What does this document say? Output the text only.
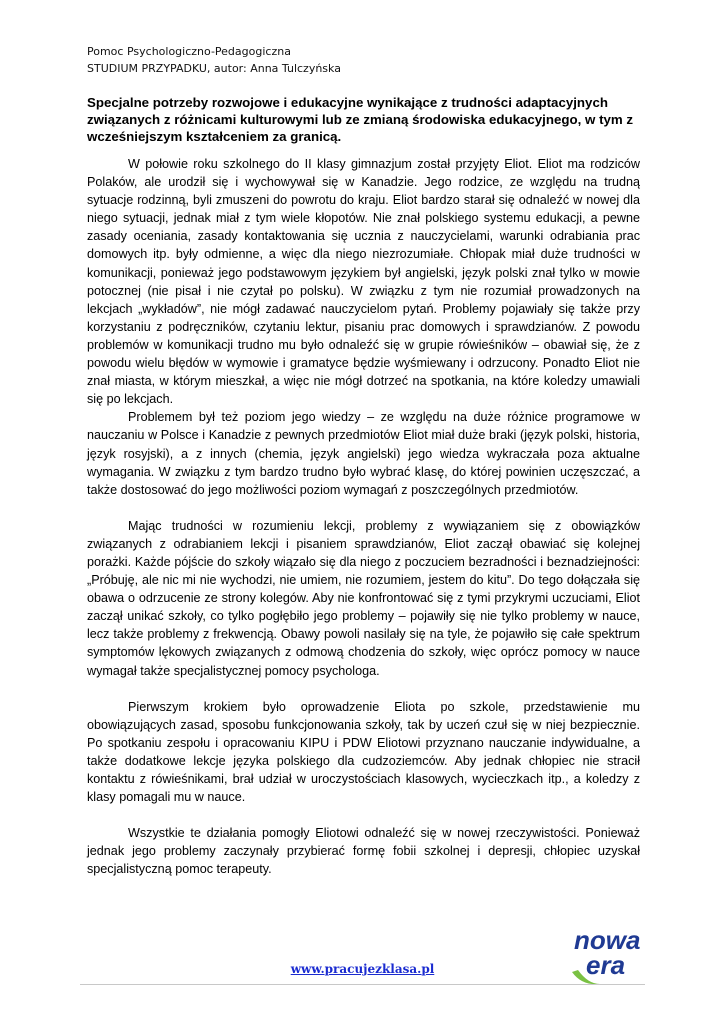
Pomoc Psychologiczno-Pedagogiczna
STUDIUM PRZYPADKU, autor: Anna Tulczyńska
Specjalne potrzeby rozwojowe i edukacyjne wynikające z trudności adaptacyjnych związanych z różnicami kulturowymi lub ze zmianą środowiska edukacyjnego, w tym z wcześniejszym kształceniem za granicą.

W połowie roku szkolnego do II klasy gimnazjum został przyjęty Eliot. Eliot ma rodziców Polaków, ale urodził się i wychowywał się w Kanadzie. Jego rodzice, ze względu na trudną sytuacje rodzinną, byli zmuszeni do powrotu do kraju. Eliot bardzo starał się odnaleźć w nowej dla niego sytuacji, jednak miał z tym wiele kłopotów. Nie znał polskiego systemu edukacji, a pewne zasady oceniania, zasady kontaktowania się ucznia z nauczycielami, warunki odrabiania prac domowych itp. były odmienne, a więc dla niego niezrozumiałe. Chłopak miał duże trudności w komunikacji, ponieważ jego podstawowym językiem był angielski, język polski znał tylko w mowie potocznej (nie pisał i nie czytał po polsku). W związku z tym nie rozumiał prowadzonych na lekcjach „wykładów”, nie mógł zadawać nauczycielom pytań. Problemy pojawiały się także przy korzystaniu z podręczników, czytaniu lektur, pisaniu prac domowych i sprawdzianów. Z powodu problemów w komunikacji trudno mu było odnaleźć się w grupie rówieśników – obawiał się, że z powodu wielu błędów w wymowie i gramatyce będzie wyśmiewany i odrzucony. Ponadto Eliot nie znał miasta, w którym mieszkał, a więc nie mógł dotrzeć na spotkania, na które koledzy umawiali się po lekcjach.

Problemem był też poziom jego wiedzy – ze względu na duże różnice programowe w nauczaniu w Polsce i Kanadzie z pewnych przedmiotów Eliot miał duże braki (język polski, historia, język rosyjski), a z innych (chemia, język angielski) jego wiedza wykraczała poza aktualne wymagania. W związku z tym bardzo trudno było wybrać klasę, do której powinien uczęszczać, a także dostosować do jego możliwości poziom wymagań z poszczególnych przedmiotów.

Mając trudności w rozumieniu lekcji, problemy z wywiązaniem się z obowiązków związanych z odrabianiem lekcji i pisaniem sprawdzianów, Eliot zaczął obawiać się kolejnej porażki. Każde pójście do szkoły wiązało się dla niego z poczuciem bezradności i beznadziejności: „Próbuję, ale nic mi nie wychodzi, nie umiem, nie rozumiem, jestem do kitu”. Do tego dołączała się obawa o odrzucenie ze strony kolegów. Aby nie konfrontować się z tymi przykrymi uczuciami, Eliot zaczął unikać szkoły, co tylko pogłębiło jego problemy – pojawiły się nie tylko problemy w nauce, lecz także problemy z frekwencją. Obawy powoli nasilały się na tyle, że pojawiło się całe spektrum symptomów lękowych związanych z odmową chodzenia do szkoły, więc oprócz pomocy w nauce wymagał także specjalistycznej pomocy psychologa.

Pierwszym krokiem było oprowadzenie Eliota po szkole, przedstawienie mu obowiązujących zasad, sposobu funkcjonowania szkoły, tak by uczeń czuł się w niej bezpiecznie. Po spotkaniu zespołu i opracowaniu KIPU i PDW Eliotowi przyznano nauczanie indywidualne, a także dodatkowe lekcje języka polskiego dla cudzoziemców. Aby jednak chłopiec nie stracił kontaktu z rówieśnikami, brał udział w uroczystościach klasowych, wycieczkach itp., a koledzy z klasy pomagali mu w nauce.

Wszystkie te działania pomogły Eliotowi odnaleźć się w nowej rzeczywistości. Ponieważ jednak jego problemy zaczynały przybierać formę fobii szkolnej i depresji, chłopiec uzyskał specjalistyczną pomoc terapeuty.

nowa
era
www.pracujezklasa.pl
